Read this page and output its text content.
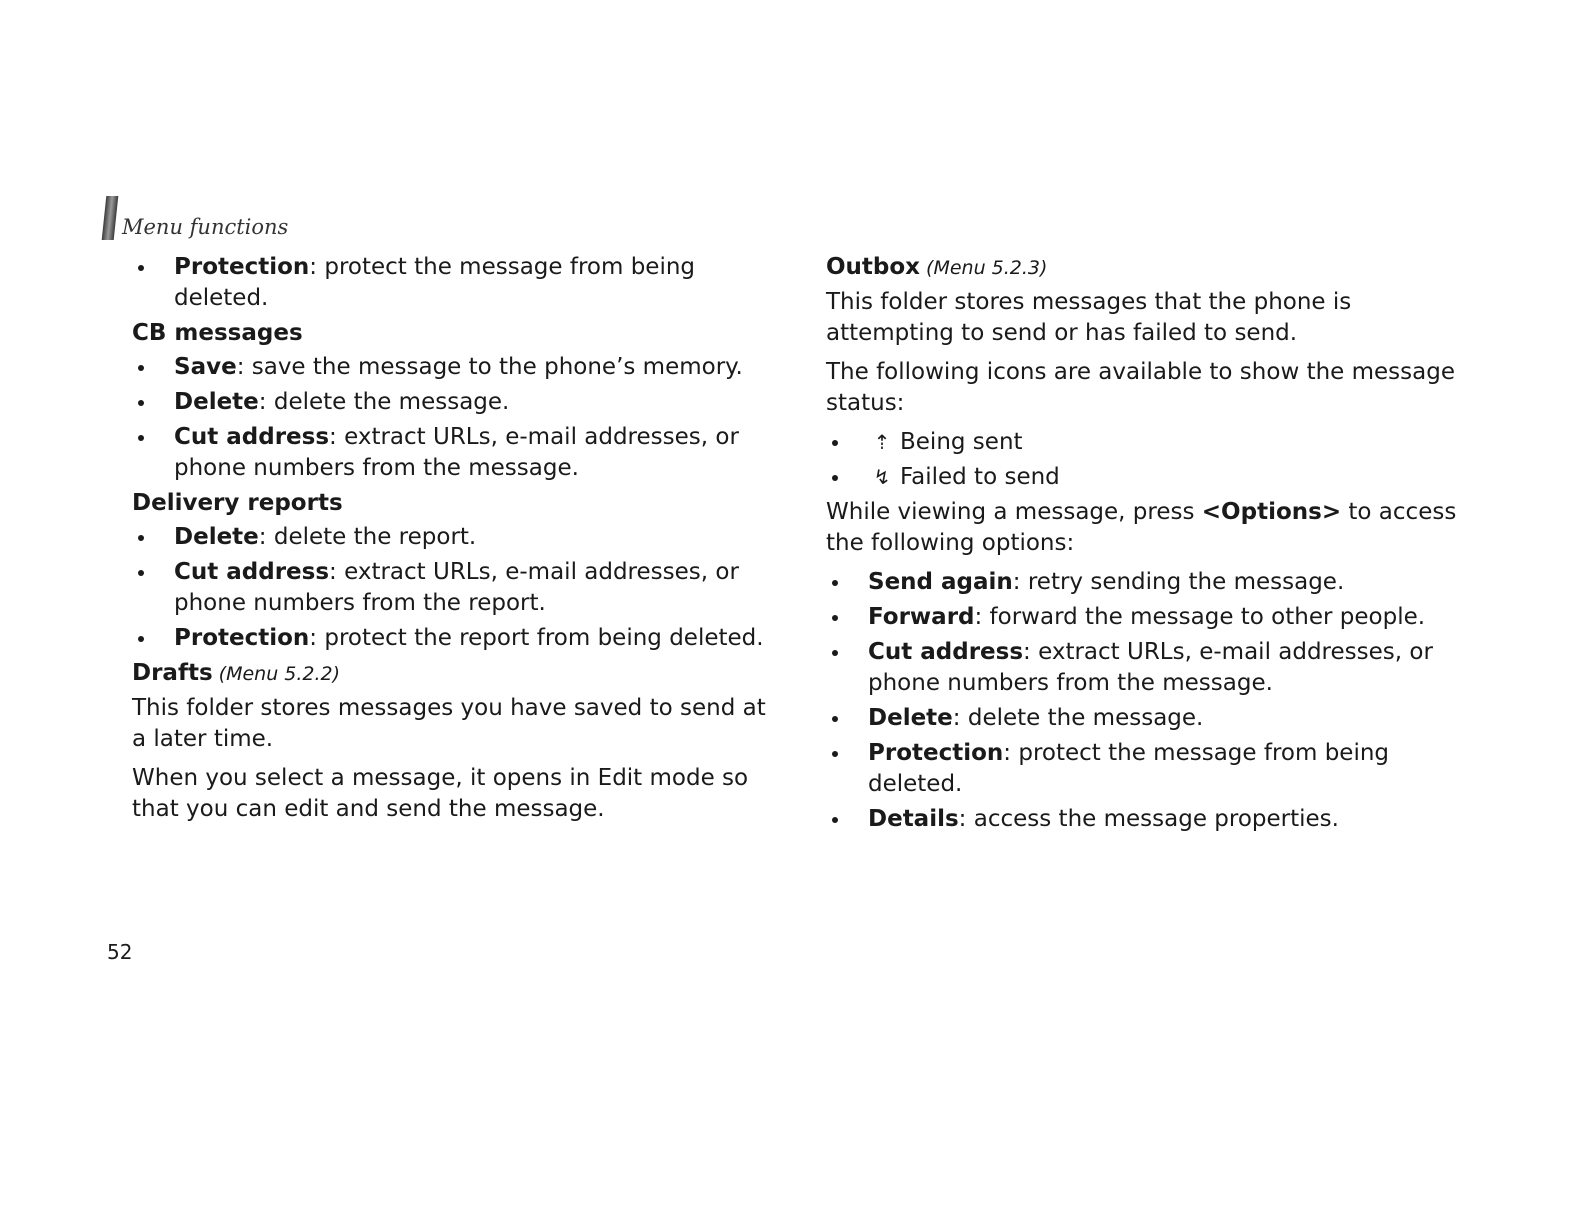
Menu functions
Protection: protect the message from being deleted.
CB messages
Save: save the message to the phone’s memory.
Delete: delete the message.
Cut address: extract URLs, e-mail addresses, or phone numbers from the message.
Delivery reports
Delete: delete the report.
Cut address: extract URLs, e-mail addresses, or phone numbers from the report.
Protection: protect the report from being deleted.
Drafts (Menu 5.2.2)

This folder stores messages you have saved to send at a later time.

When you select a message, it opens in Edit mode so that you can edit and send the message.

Outbox (Menu 5.2.3)

This folder stores messages that the phone is attempting to send or has failed to send.

The following icons are available to show the message status:

⇡ Being sent
↯ Failed to send

While viewing a message, press <Options> to access the following options:

Send again: retry sending the message.
Forward: forward the message to other people.
Cut address: extract URLs, e-mail addresses, or phone numbers from the message.
Delete: delete the message.
Protection: protect the message from being deleted.
Details: access the message properties.
52
